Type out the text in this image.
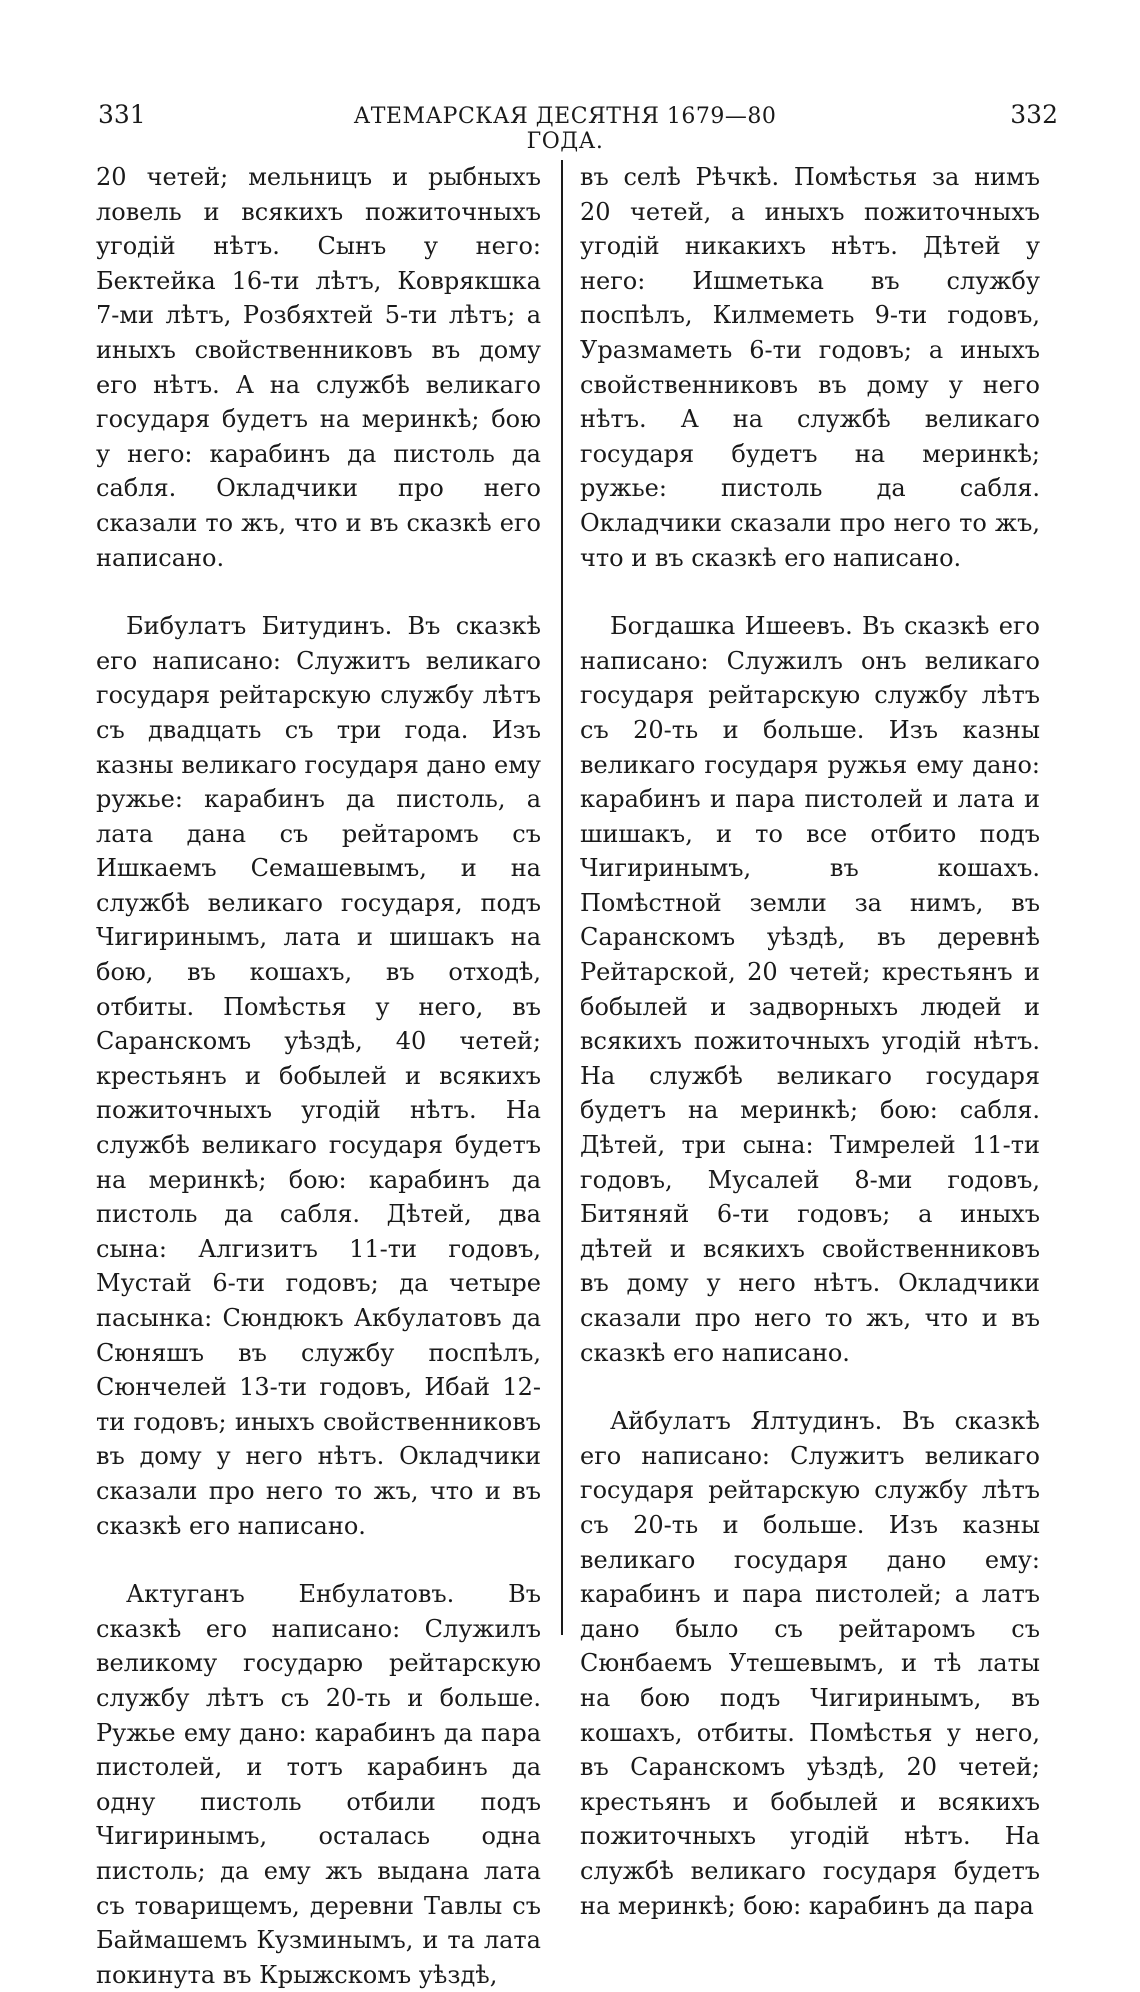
331	АТЕМАРСКАЯ ДЕСЯТНЯ 1679—80 ГОДА.
332

20 четей; мельницъ и рыбныхъ ловель и всякихъ пожиточныхъ угодій нѣтъ. Сынъ у него: Бектейка 16-ти лѣтъ, Коврякшка 7-ми лѣтъ, Розбяхтей 5-ти лѣтъ; а иныхъ свойственниковъ въ дому его нѣтъ. А на службѣ великаго государя будетъ на меринкѣ; бою у него: карабинъ да пистоль да сабля. Окладчики про него сказали то жъ, что и въ сказкѣ его написано.

Бибулатъ Битудинъ. Въ сказкѣ его написано: Служитъ великаго государя рейтарскую службу лѣтъ съ двадцать съ три года. Изъ казны великаго государя дано ему ружье: карабинъ да пистоль, а лата дана съ рейтаромъ съ Ишкаемъ Семашевымъ, и на службѣ великаго государя, подъ Чигиринымъ, лата и шишакъ на бою, въ кошахъ, въ отходѣ, отбиты. Помѣстья у него, въ Саранскомъ уѣздѣ, 40 четей; крестьянъ и бобылей и всякихъ пожиточныхъ угодій нѣтъ. На службѣ великаго государя будетъ на меринкѣ; бою: карабинъ да пистоль да сабля. Дѣтей, два сына: Алгизитъ 11-ти годовъ, Мустай 6-ти годовъ; да четыре пасынка: Сюндюкъ Акбулатовъ да Сюняшъ въ службу поспѣлъ, Сюнчелей 13-ти годовъ, Ибай 12-ти годовъ; иныхъ свойственниковъ въ дому у него нѣтъ. Окладчики сказали про него то жъ, что и въ сказкѣ его написано.

Актуганъ Енбулатовъ. Въ сказкѣ его написано: Служилъ великому государю рейтарскую службу лѣтъ съ 20-ть и больше. Ружье ему дано: карабинъ да пара пистолей, и тотъ карабинъ да одну пистоль отбили подъ Чигиринымъ, осталась одна пистоль; да ему жъ выдана лата съ товарищемъ, деревни Тавлы съ Баймашемъ Кузминымъ, и та лата покинута въ Крыжскомъ уѣздѣ,

въ селѣ Рѣчкѣ. Помѣстья за нимъ 20 четей, а иныхъ пожиточныхъ угодій никакихъ нѣтъ. Дѣтей у него: Ишметька въ службу поспѣлъ, Килмеметь 9-ти годовъ, Уразмаметь 6-ти годовъ; а иныхъ свойственниковъ въ дому у него нѣтъ. А на службѣ великаго государя будетъ на меринкѣ; ружье: пистоль да сабля. Окладчики сказали про него то жъ, что и въ сказкѣ его написано.

Богдашка Ишеевъ. Въ сказкѣ его написано: Служилъ онъ великаго государя рейтарскую службу лѣтъ съ 20-ть и больше. Изъ казны великаго государя ружья ему дано: карабинъ и пара пистолей и лата и шишакъ, и то все отбито подъ Чигиринымъ, въ кошахъ. Помѣстной земли за нимъ, въ Саранскомъ уѣздѣ, въ деревнѣ Рейтарской, 20 четей; крестьянъ и бобылей и задворныхъ людей и всякихъ пожиточныхъ угодій нѣтъ. На службѣ великаго государя будетъ на меринкѣ; бою: сабля. Дѣтей, три сына: Тимрелей 11-ти годовъ, Мусалей 8-ми годовъ, Битяняй 6-ти годовъ; а иныхъ дѣтей и всякихъ свойственниковъ въ дому у него нѣтъ. Окладчики сказали про него то жъ, что и въ сказкѣ его написано.

Айбулатъ Ялтудинъ. Въ сказкѣ его написано: Служитъ великаго государя рейтарскую службу лѣтъ съ 20-ть и больше. Изъ казны великаго государя дано ему: карабинъ и пара пистолей; а латъ дано было съ рейтаромъ съ Сюнбаемъ Утешевымъ, и тѣ латы на бою подъ Чигиринымъ, въ кошахъ, отбиты. Помѣстья у него, въ Саранскомъ уѣздѣ, 20 четей; крестьянъ и бобылей и всякихъ пожиточныхъ угодій нѣтъ. На службѣ великаго государя будетъ на меринкѣ; бою: карабинъ да пара
